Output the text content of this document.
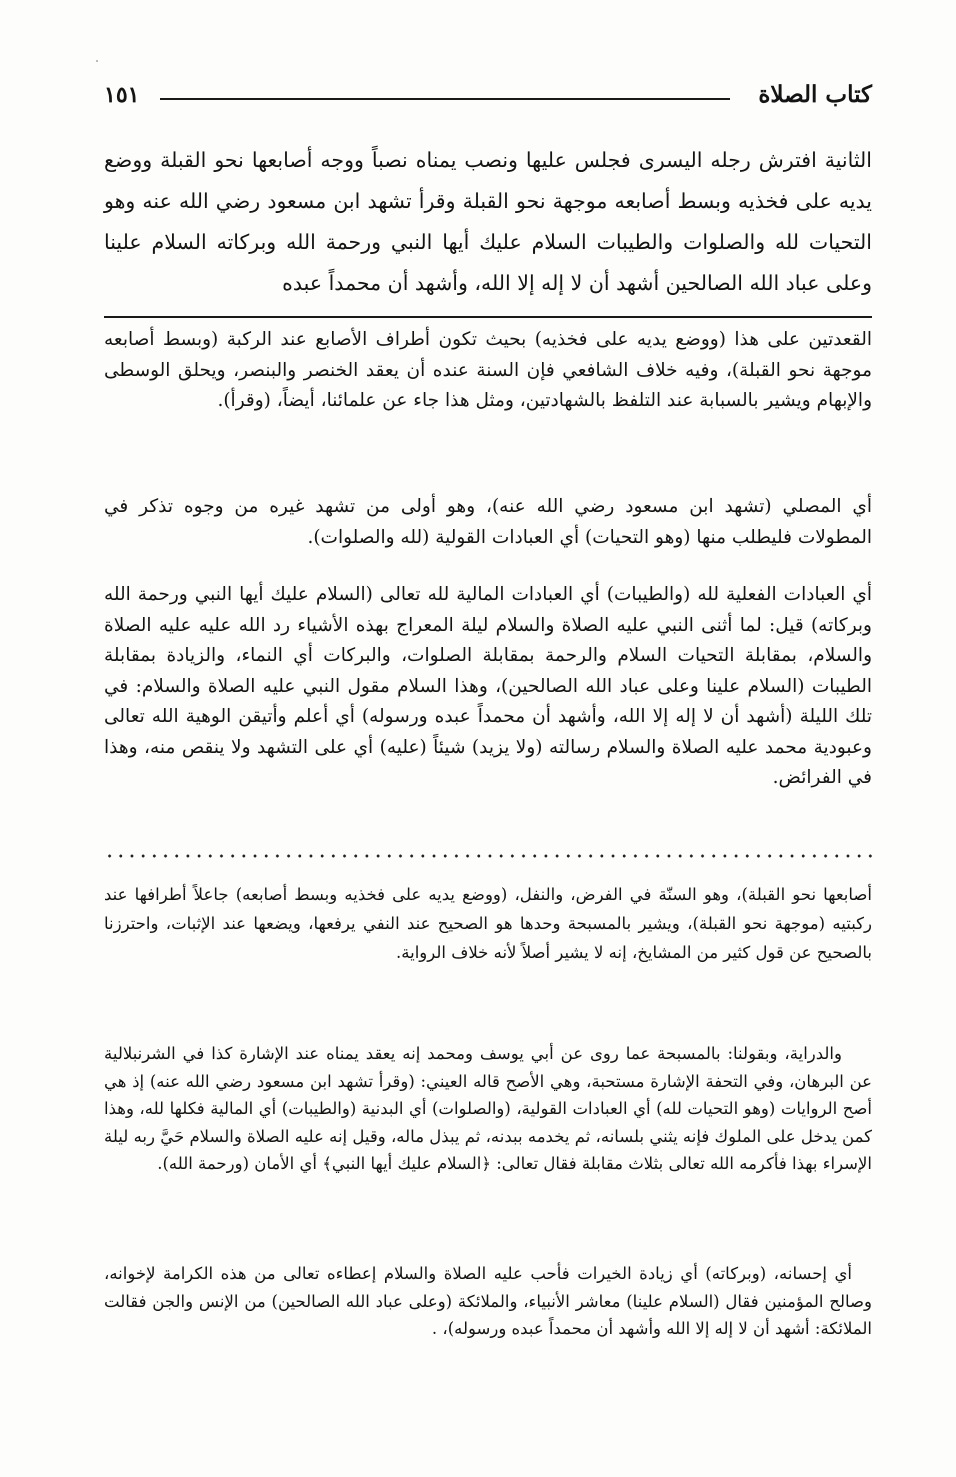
كتاب الصلاة
١٥١
الثانية افترش رجله اليسرى فجلس عليها ونصب يمناه نصباً ووجه أصابعها نحو القبلة ووضع يديه على فخذيه وبسط أصابعه موجهة نحو القبلة وقرأ تشهد ابن مسعود رضي الله عنه وهو التحيات لله والصلوات والطيبات السلام عليك أيها النبي ورحمة الله وبركاته السلام علينا وعلى عباد الله الصالحين أشهد أن لا إله إلا الله، وأشهد أن محمداً عبده
القعدتين على هذا (ووضع يديه على فخذيه) بحيث تكون أطراف الأصابع عند الركبة (وبسط أصابعه موجهة نحو القبلة)، وفيه خلاف الشافعي فإن السنة عنده أن يعقد الخنصر والبنصر، ويحلق الوسطى والإبهام ويشير بالسبابة عند التلفظ بالشهادتين، ومثل هذا جاء عن علمائنا، أيضاً، (وقرأ).
أي المصلي (تشهد ابن مسعود رضي الله عنه)، وهو أولى من تشهد غيره من وجوه تذكر في المطولات فليطلب منها (وهو التحيات) أي العبادات القولية (لله والصلوات).
أي العبادات الفعلية لله (والطيبات) أي العبادات المالية لله تعالى (السلام عليك أيها النبي ورحمة الله وبركاته) قيل: لما أثنى النبي عليه الصلاة والسلام ليلة المعراج بهذه الأشياء رد الله عليه عليه الصلاة والسلام، بمقابلة التحيات السلام والرحمة بمقابلة الصلوات، والبركات أي النماء، والزيادة بمقابلة الطيبات (السلام علينا وعلى عباد الله الصالحين)، وهذا السلام مقول النبي عليه الصلاة والسلام: في تلك الليلة (أشهد أن لا إله إلا الله، وأشهد أن محمداً عبده ورسوله) أي أعلم وأتيقن الوهية الله تعالى وعبودية محمد عليه الصلاة والسلام رسالته (ولا يزيد) شيئاً (عليه) أي على التشهد ولا ينقص منه، وهذا في الفرائض.
أصابعها نحو القبلة)، وهو السنّة في الفرض، والنفل، (ووضع يديه على فخذيه وبسط أصابعه) جاعلاً أطرافها عند ركبتيه (موجهة نحو القبلة)، ويشير بالمسبحة وحدها هو الصحيح عند النفي يرفعها، ويضعها عند الإثبات، واحترزنا بالصحيح عن قول كثير من المشايخ، إنه لا يشير أصلاً لأنه خلاف الرواية.

والدراية، وبقولنا: بالمسبحة عما روى عن أبي يوسف ومحمد إنه يعقد يمناه عند الإشارة كذا في الشرنبلالية عن البرهان، وفي التحفة الإشارة مستحبة، وهي الأصح قاله العيني: (وقرأ تشهد ابن مسعود رضي الله عنه) إذ هي أصح الروايات (وهو التحيات لله) أي العبادات القولية، (والصلوات) أي البدنية (والطيبات) أي المالية فكلها لله، وهذا كمن يدخل على الملوك فإنه يثني بلسانه، ثم يخدمه ببدنه، ثم يبذل ماله، وقيل إنه عليه الصلاة والسلام حَيَّ ربه ليلة الإسراء بهذا فأكرمه الله تعالى بثلاث مقابلة فقال تعالى: ﴿السلام عليك أيها النبي﴾ أي الأمان (ورحمة الله).

أي إحسانه، (وبركاته) أي زيادة الخيرات فأحب عليه الصلاة والسلام إعطاءه تعالى من هذه الكرامة لإخوانه، وصالح المؤمنين فقال (السلام علينا) معاشر الأنبياء، والملائكة (وعلى عباد الله الصالحين) من الإنس والجن فقالت الملائكة: أشهد أن لا إله إلا الله وأشهد أن محمداً عبده ورسوله)، .
